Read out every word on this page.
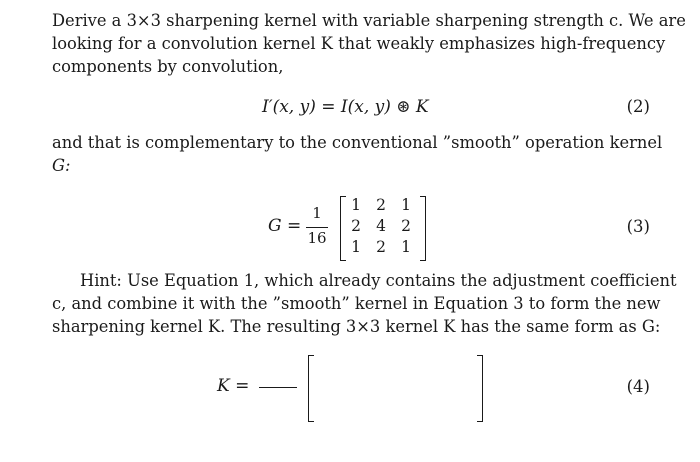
Derive a 3×3 sharpening kernel with variable sharpening strength c. We are
looking for a convolution kernel K that weakly emphasizes high-frequency
components by convolution,
I′(x, y) = I(x, y) ⊛ K	(2)
and that is complementary to the conventional ”smooth” operation kernel
G:
G =
1
16
1 2 1
2 4 2
1 2 1
(3)
Hint: Use Equation 1, which already contains the adjustment coefficient
c, and combine it with the ”smooth” kernel in Equation 3 to form the new
sharpening kernel K. The resulting 3×3 kernel K has the same form as G:
K =	(4)
